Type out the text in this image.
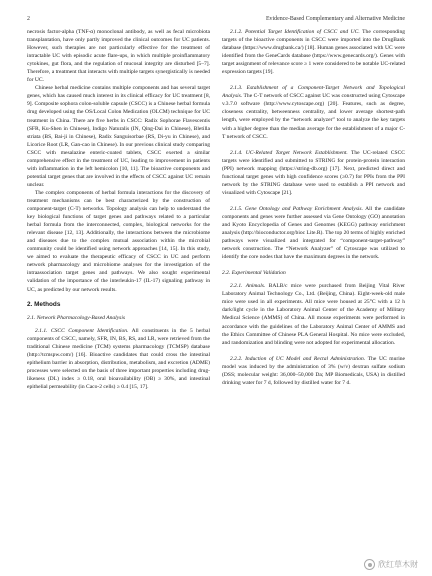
2	Evidence-Based Complementary and Alternative Medicine

necrosis factor-alpha (TNF-α) monoclonal antibody, as well as fecal microbiota transplantation, have only partly improved the clinical outcomes for UC patients. However, such therapies are not particularly effective for the treatment of intractable UC with episodic acute flare-ups, in which multiple proinflammatory cytokines, gut flora, and the regulation of mucosal integrity are disturbed [5–7]. Therefore, a treatment that interacts with multiple targets synergistically is needed for UC.

Chinese herbal medicine contains multiple components and has several target genes, which has caused much interest in its clinical efficacy for UC treatment [8, 9]. Composite sophora colon-soluble capsule (CSCC) is a Chinese herbal formula drug developed using the OS/Local Colon Medication (OLCM) technique for UC treatment in China. There are five herbs in CSCC: Radix Sophorae Flavescentis (SFR, Ku-Shen in Chinese), Indigo Naturalis (IN, Qing-Dai in Chinese), Bletilla striata (BS, Bai-ji in Chinese), Radix Sanguisorbae (RS, Di-yu in Chinese), and Licorice Root (LR, Gan-cao in Chinese). In our previous clinical study comparing CSCC with mesalazine enteric-coated tablets, CSCC exerted a similar comprehensive effect in the treatment of UC, leading to improvement in patients with inflammation in the left hemicolon [10, 11]. The bioactive components and potential target genes that are involved in the effects of CSCC against UC remain unclear.

The complex components of herbal formula interactions for the discovery of treatment mechanisms can be best characterized by the construction of component-target (C-T) networks. Topology analysis can help to understand the key biological functions of target genes and pathways related to a particular herbal formula from the interconnected, complex, biological networks for the relevant disease [12, 13]. Additionally, the interactions between the microbiome and diseases due to the complex mutual association within the microbial community could be identified using network approaches [14, 15]. In this study, we aimed to evaluate the therapeutic efficacy of CSCC in UC and perform network pharmacology and microbiome analyses for the investigation of the intraassociation target genes and pathways. We also sought experimental validation of the importance of the interleukin-17 (IL-17) signaling pathway in UC, as predicted by our network results.

2. Methods
2.1. Network Pharmacology-Based Analysis

2.1.1. CSCC Component Identification. All constituents in the 5 herbal components of CSCC, namely, SFR, IN, BS, RS, and LR, were retrieved from the traditional Chinese medicine (TCM) systems pharmacology (TCMSP) database (http://tcmspw.com/) [16]. Bioactive candidates that could cross the intestinal epithelium barrier in absorption, distribution, metabolism, and excretion (ADME) processes were selected on the basis of three important properties including drug-likeness (DL) index ≥ 0.18, oral bioavailability (OB) ≥ 30%, and intestinal epithelial permeability (in Caco-2 cells) ≥ 0.4 [15, 17].

2.1.2. Potential Target Identification of CSCC and UC. The corresponding targets of the bioactive components in CSCC were imported into the DrugBank database (https://www.drugbank.ca/) [18]. Human genes associated with UC were identified from the GeneCards database (https://www.genecards.org/). Genes with target assignment of relevance score ≥ 1 were considered to be notable UC-related expression targets [19].

2.1.3. Establishment of a Component-Target Network and Topological Analysis. The C-T network of CSCC against UC was constructed using Cytoscape v.3.7.0 software (http://www.cytoscape.org) [20]. Features, such as degree, closeness centrality, betweenness centrality, and lower average shortest-path length, were employed by the “network analyzer” tool to analyze the key targets with a higher degree than the median average for the establishment of a major C-T network of CSCC.

2.1.4. UC-Related Target Network Establishment. The UC-related CSCC targets were identified and submitted to STRING for protein-protein interaction (PPI) network mapping (https://string-db.org) [17]. Next, predicted direct and functional target genes with high confidence scores (≥0.7) for PPIs from the PPI network by the STRING database were used to establish a PPI network and visualized with Cytoscape [21].

2.1.5. Gene Ontology and Pathway Enrichment Analysis. All the candidate components and genes were further assessed via Gene Ontology (GO) annotation and Kyoto Encyclopedia of Genes and Genomes (KEGG) pathway enrichment analysis (http://bioconductor.org/bioc Lite.R). The top 20 terms of highly enriched pathways were visualized and integrated for “component-target-pathway” network construction. The “Network Analyzer” of Cytoscape was utilized to identify the core nodes that have the maximum degrees in the network.

2.2. Experimental Validation

2.2.1. Animals. BALB/c mice were purchased from Beijing Vital River Laboratory Animal Technology Co., Ltd. (Beijing, China). Eight-week-old male mice were used in all experiments. All mice were housed at 25°C with a 12 h dark/light cycle in the Laboratory Animal Center of the Academy of Military Medical Science (AMMS) of China. All mouse experiments were performed in accordance with the guidelines of the Laboratory Animal Center of AMMS and the Ethics Committee of Chinese PLA General Hospital. No mice were excluded, and randomization and blinding were not adopted for experimental allocation.

2.2.2. Induction of UC Model and Rectal Administration. The UC murine model was induced by the administration of 3% (w/v) dextran sulfate sodium (DSS; molecular weight: 36,000–50,000 Da; MP Biomedicals, USA) in distilled drinking water for 7 d, followed by distilled water for 7 d.

欣红草木财
